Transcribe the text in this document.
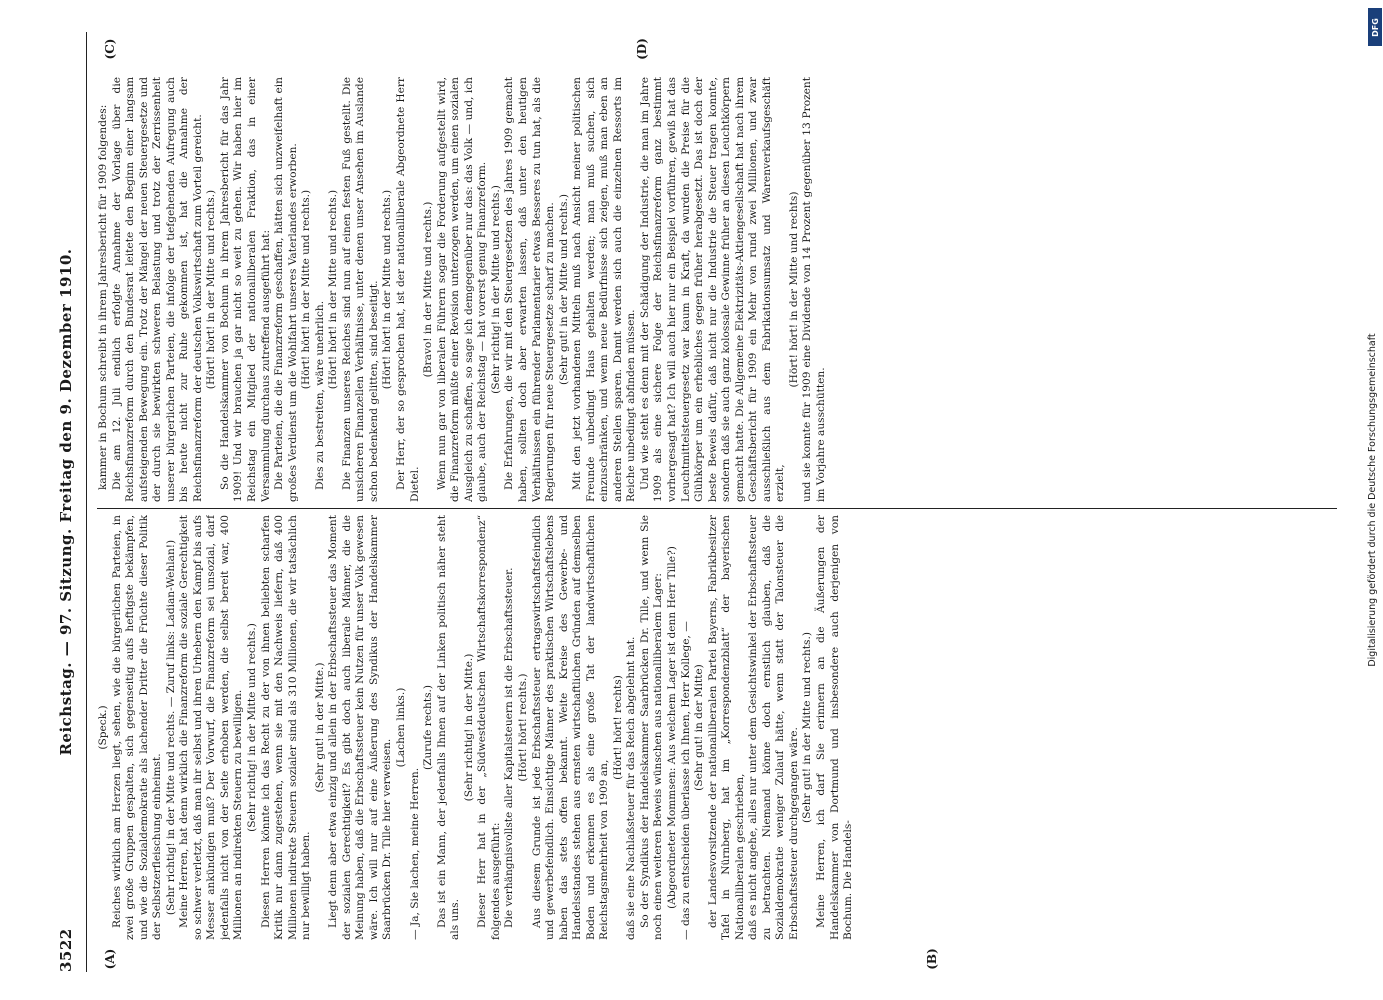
3522
Reichstag. — 97. Sitzung. Freitag den 9. Dezember 1910.
(A)	(B)
(C)	(D)

(Speck.) Reiches wirklich am Herzen liegt, sehen, wie die bürgerlichen Parteien, in zwei große Gruppen gespalten, sich gegenseitig aufs heftigste bekämpfen, und wie die Sozialdemokratie als lachender Dritter die Früchte dieser Politik der Selbstzerfleischung einheimst. (Sehr richtig! in der Mitte und rechts. — Zuruf links: Ladian-Wehlan!) Meine Herren, hat denn wirklich die Finanzreform die soziale Gerechtigkeit so schwer verletzt, daß man ihr selbst und ihren Urhebern den Kampf bis aufs Messer ankündigen muß? Der Vorwurf, die Finanzreform sei unsozial, darf jedenfalls nicht von der Seite erhoben werden, die selbst bereit war, 400 Millionen an indirekten Steuern zu bewilligen. (Sehr richtig! in der Mitte und rechts.) Diesen Herren könnte ich das Recht zu der von ihnen beliebten scharfen Kritik nur dann zugestehen, wenn sie mit den Nachweis liefern, daß 400 Millionen indirekte Steuern sozialer sind als 310 Millionen, die wir tatsächlich nur bewilligt haben.

(Sehr gut! in der Mitte.) Liegt denn aber etwa einzig und allein in der Erbschaftssteuer das Moment der sozialen Gerechtigkeit? Es gibt doch auch liberale Männer, die die Meinung haben, daß die Erbschaftssteuer kein Nutzen für unser Volk gewesen wäre. Ich will nur auf eine Äußerung des Syndikus der Handelskammer Saarbrücken Dr. Tille hier verweisen.

(Lachen links.)

— Ja, Sie lachen, meine Herren.

(Zurufe rechts.) Das ist ein Mann, der jedenfalls Ihnen auf der Linken politisch näher steht als uns.

(Sehr richtig! in der Mitte.) Dieser Herr hat in der „Südwestdeutschen Wirtschaftskorrespondenz“ folgendes ausgeführt: Die verhängnisvollste aller Kapitalsteuern ist die Erbschaftssteuer. (Hört! hört! rechts.) Aus diesem Grunde ist jede Erbschaftssteuer ertragswirtschaftsfeindlich und gewerbefeindlich. Einsichtige Männer des praktischen Wirtschaftslebens haben das stets offen bekannt. Weite Kreise des Gewerbe- und Handelsstandes stehen aus ernsten wirtschaftlichen Gründen auf demselben Boden und erkennen es als eine große Tat der landwirtschaftlichen Reichstagsmehrheit von 1909 an,

(Hört! hört! rechts) daß sie eine Nachlaßsteuer für das Reich abgelehnt hat. So der Syndikus der Handelskammer Saarbrücken Dr. Tille, und wenn Sie noch einen weiteren Beweis wünschen aus nationalliberalem Lager: (Abgeordneter Mommsen: Aus welchem Lager ist denn Herr Tille?) — das zu entscheiden überlasse ich Ihnen, Herr Kollege, — (Sehr gut! in der Mitte) der Landesvorsitzende der nationalliberalen Partei Bayerns, Fabrikbesitzer Tafel in Nürnberg, hat im „Korrespondenzblatt“ der bayerischen Nationalliberalen geschrieben, daß es nicht angehe, alles nur unter dem Gesichtswinkel der Erbschaftssteuer zu betrachten. Niemand könne doch ernstlich glauben, daß die Sozialdemokratie weniger Zulauf hätte, wenn statt der Talonsteuer die Erbschaftssteuer durchgegangen wäre. (Sehr gut! in der Mitte und rechts.) Meine Herren, ich darf Sie erinnern an die Äußerungen der Handelskammer von Dortmund und insbesondere auch derjenigen von Bochum. Die Handels-

kammer in Bochum schreibt in ihrem Jahresbericht für 1909 folgendes: Die am 12. Juli endlich erfolgte Annahme der Vorlage über die Reichsfinanzreform durch den Bundesrat leitete den Beginn einer langsam aufsteigenden Bewegung ein. Trotz der Mängel der neuen Steuergesetze und der durch sie bewirkten schweren Belastung und trotz der Zerrissenheit unserer bürgerlichen Parteien, die infolge der tiefgehenden Aufregung auch bis heute nicht zur Ruhe gekommen ist, hat die Annahme der Reichsfinanzreform der deutschen Volkswirtschaft zum Vorteil gereicht. (Hört! hört! in der Mitte und rechts.) So die Handelskammer von Bochum in ihrem Jahresbericht für das Jahr 1909! Und wir brauchen ja gar nicht so weit zu gehen. Wir haben hier im Reichstag ein Mitglied der nationalliberalen Fraktion, das in einer Versammlung durchaus zutreffend ausgeführt hat: Die Parteien, die die Finanzreform geschaffen, hätten sich unzweifelhaft ein großes Verdienst um die Wohlfahrt unseres Vaterlandes erworben. (Hört! hört! in der Mitte und rechts.)

Dies zu bestreiten, wäre unehrlich.

(Hört! hört! in der Mitte und rechts.) Die Finanzen unseres Reiches sind nun auf einen festen Fuß gestellt. Die unsicheren Finanzellen Verhältnisse, unter denen unser Ansehen im Auslande schon bedenkend gelitten, sind beseitigt. (Hört! hört! in der Mitte und rechts.) Der Herr, der so gesprochen hat, ist der nationalliberale Abgeordnete Herr Dietel.

(Bravo! in der Mitte und rechts.) Wenn nun gar von liberalen Führern sogar die Forderung aufgestellt wird, die Finanzreform müßte einer Revision unterzogen werden, um einen sozialen Ausgleich zu schaffen, so sage ich demgegenüber nur das: das Volk — und, ich glaube, auch der Reichstag — hat vorerst genug Finanzreform. (Sehr richtig! in der Mitte und rechts.) Die Erfahrungen, die wir mit den Steuergesetzen des Jahres 1909 gemacht haben, sollten doch aber erwarten lassen, daß unter den heutigen Verhältnissen ein führender Parlamentarier etwas Besseres zu tun hat, als die Regierungen für neue Steuergesetze scharf zu machen. (Sehr gut! in der Mitte und rechts.) Mit den jetzt vorhandenen Mitteln muß nach Ansicht meiner politischen Freunde unbedingt Haus gehalten werden; man muß suchen, sich einzuschränken, und wenn neue Bedürfnisse sich zeigen, muß man eben an anderen Stellen sparen. Damit werden sich auch die einzelnen Ressorts im Reiche unbedingt abfinden müssen. Und wie steht es denn mit der Schädigung der Industrie, die man im Jahre 1909 als eine sichere Folge der Reichsfinanzreform ganz bestimmt vorhergesagt hat? Ich will auch hier nur ein Beispiel vorführen, gewiß hat das Leuchtmittelsteuergesetz war kaum in Kraft, da wurden die Preise für die Glühkörper um ein erhebliches gegen früher herabgesetzt. Das ist doch der beste Beweis dafür, daß nicht nur die Industrie die Steuer tragen konnte, sondern daß sie auch ganz kolossale Gewinne früher an diesen Leuchtkörpern gemacht hatte. Die Allgemeine Elektrizitäts-Aktiengesellschaft hat nach ihrem Geschäftsbericht für 1909 ein Mehr von rund zwei Millionen, und zwar ausschließlich aus dem Fabrikationsumsatz und Warenverkaufsgeschäft erzielt,

(Hört! hört! in der Mitte und rechts) und sie konnte für 1909 eine Dividende von 14 Prozent gegenüber 13 Prozent im Vorjahre ausschütten.	Digitalisierung gefördert durch die Deutsche Forschungsgemeinschaft
DFG
